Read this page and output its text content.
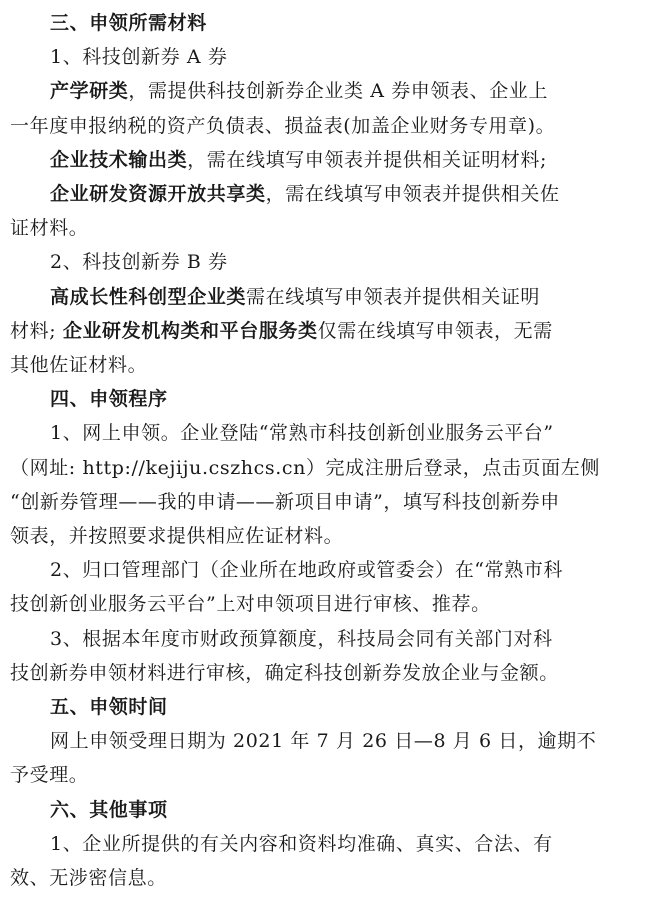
三、申领所需材料
1、科技创新券 A 券
产学研类，需提供科技创新券企业类 A 券申领表、企业上
一年度申报纳税的资产负债表、损益表(加盖企业财务专用章)。
企业技术输出类，需在线填写申领表并提供相关证明材料;
企业研发资源开放共享类，需在线填写申领表并提供相关佐
证材料。
2、科技创新券 B 券
高成长性科创型企业类需在线填写申领表并提供相关证明
材料; 企业研发机构类和平台服务类仅需在线填写申领表，无需
其他佐证材料。
四、申领程序
1、网上申领。企业登陆“常熟市科技创新创业服务云平台”
（网址: http://kejiju.cszhcs.cn）完成注册后登录，点击页面左侧
“创新券管理——我的申请——新项目申请”，填写科技创新券申
领表，并按照要求提供相应佐证材料。
2、归口管理部门（企业所在地政府或管委会）在“常熟市科
技创新创业服务云平台”上对申领项目进行审核、推荐。
3、根据本年度市财政预算额度，科技局会同有关部门对科
技创新券申领材料进行审核，确定科技创新券发放企业与金额。
五、申领时间
网上申领受理日期为 2021 年 7 月 26 日—8 月 6 日，逾期不
予受理。
六、其他事项
1、企业所提供的有关内容和资料均准确、真实、合法、有
效、无涉密信息。
